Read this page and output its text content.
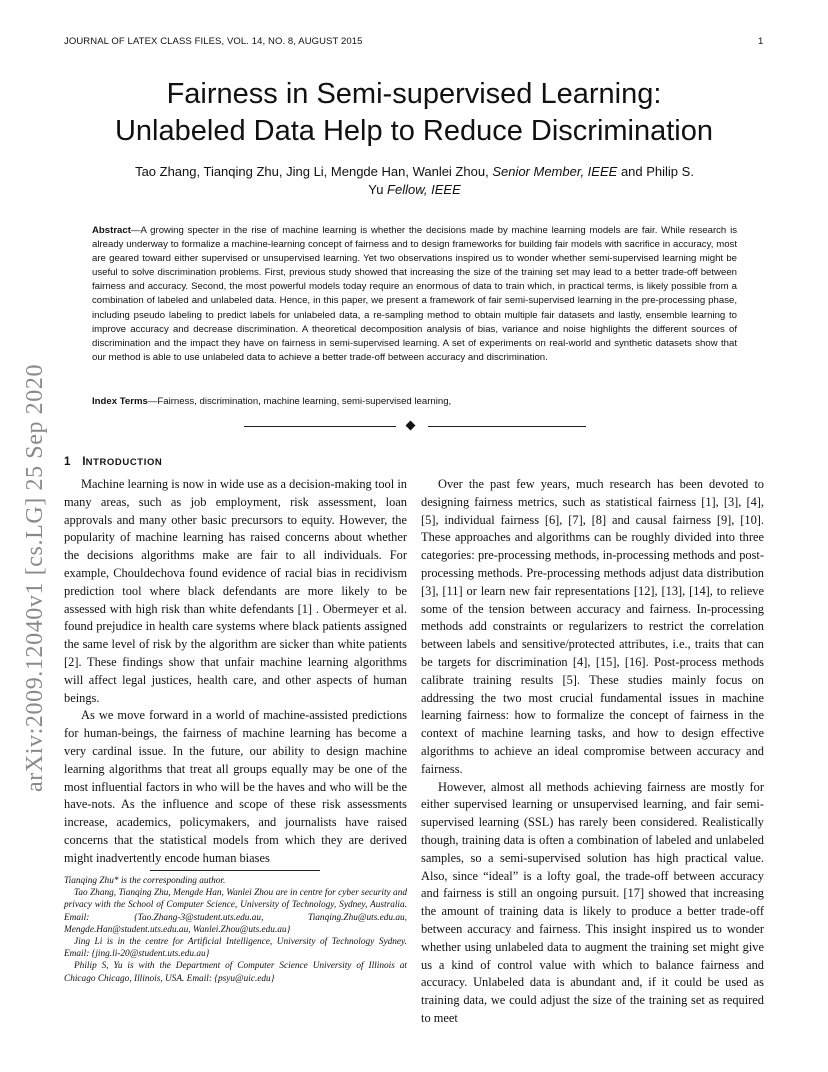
JOURNAL OF LATEX CLASS FILES, VOL. 14, NO. 8, AUGUST 2015	1
Fairness in Semi-supervised Learning:
Unlabeled Data Help to Reduce Discrimination
Tao Zhang, Tianqing Zhu, Jing Li, Mengde Han, Wanlei Zhou, Senior Member, IEEE and Philip S.
Yu Fellow, IEEE
Abstract—A growing specter in the rise of machine learning is whether the decisions made by machine learning models are fair. While research is already underway to formalize a machine-learning concept of fairness and to design frameworks for building fair models with sacrifice in accuracy, most are geared toward either supervised or unsupervised learning. Yet two observations inspired us to wonder whether semi-supervised learning might be useful to solve discrimination problems. First, previous study showed that increasing the size of the training set may lead to a better trade-off between fairness and accuracy. Second, the most powerful models today require an enormous of data to train which, in practical terms, is likely possible from a combination of labeled and unlabeled data. Hence, in this paper, we present a framework of fair semi-supervised learning in the pre-processing phase, including pseudo labeling to predict labels for unlabeled data, a re-sampling method to obtain multiple fair datasets and lastly, ensemble learning to improve accuracy and decrease discrimination. A theoretical decomposition analysis of bias, variance and noise highlights the different sources of discrimination and the impact they have on fairness in semi-supervised learning. A set of experiments on real-world and synthetic datasets show that our method is able to use unlabeled data to achieve a better trade-off between accuracy and discrimination.
Index Terms—Fairness, discrimination, machine learning, semi-supervised learning,
arXiv:2009.12040v1 [cs.LG] 25 Sep 2020	1 INTRODUCTION

Machine learning is now in wide use as a decision-making tool in many areas, such as job employment, risk assessment, loan approvals and many other basic precursors to equity. However, the popularity of machine learning has raised concerns about whether the decisions algorithms make are fair to all individuals. For example, Chouldechova found evidence of racial bias in recidivism prediction tool where black defendants are more likely to be assessed with high risk than white defendants [1] . Obermeyer et al. found prejudice in health care systems where black patients assigned the same level of risk by the algorithm are sicker than white patients [2]. These findings show that unfair machine learning algorithms will affect legal justices, health care, and other aspects of human beings.

As we move forward in a world of machine-assisted predictions for human-beings, the fairness of machine learning has become a very cardinal issue. In the future, our ability to design machine learning algorithms that treat all groups equally may be one of the most influential factors in who will be the haves and who will be the have-nots. As the influence and scope of these risk assessments increase, academics, policymakers, and journalists have raised concerns that the statistical models from which they are derived might inadvertently encode human biases

Tianqing Zhu* is the corresponding author.

Tao Zhang, Tianqing Zhu, Mengde Han, Wanlei Zhou are in centre for cyber security and privacy with the School of Computer Science, University of Technology, Sydney, Australia. Email: {Tao.Zhang-3@student.uts.edu.au, Tianqing.Zhu@uts.edu.au, Mengde.Han@student.uts.edu.au, Wanlei.Zhou@uts.edu.au}

Jing Li is in the centre for Artificial Intelligence, University of Technology Sydney. Email: {jing.li-20@student.uts.edu.au}

Philip S, Yu is with the Department of Computer Science University of Illinois at Chicago Chicago, Illinois, USA. Email: {psyu@uic.edu}

Over the past few years, much research has been devoted to designing fairness metrics, such as statistical fairness [1], [3], [4], [5], individual fairness [6], [7], [8] and causal fairness [9], [10]. These approaches and algorithms can be roughly divided into three categories: pre-processing methods, in-processing methods and post-processing methods. Pre-processing methods adjust data distribution [3], [11] or learn new fair representations [12], [13], [14], to relieve some of the tension between accuracy and fairness. In-processing methods add constraints or regularizers to restrict the correlation between labels and sensitive/protected attributes, i.e., traits that can be targets for discrimination [4], [15], [16]. Post-process methods calibrate training results [5]. These studies mainly focus on addressing the two most crucial fundamental issues in machine learning fairness: how to formalize the concept of fairness in the context of machine learning tasks, and how to design effective algorithms to achieve an ideal compromise between accuracy and fairness.

However, almost all methods achieving fairness are mostly for either supervised learning or unsupervised learning, and fair semi-supervised learning (SSL) has rarely been considered. Realistically though, training data is often a combination of labeled and unlabeled samples, so a semi-supervised solution has high practical value. Also, since “ideal” is a lofty goal, the trade-off between accuracy and fairness is still an ongoing pursuit. [17] showed that increasing the amount of training data is likely to produce a better trade-off between accuracy and fairness. This insight inspired us to wonder whether using unlabeled data to augment the training set might give us a kind of control value with which to balance fairness and accuracy. Unlabeled data is abundant and, if it could be used as training data, we could adjust the size of the training set as required to meet
